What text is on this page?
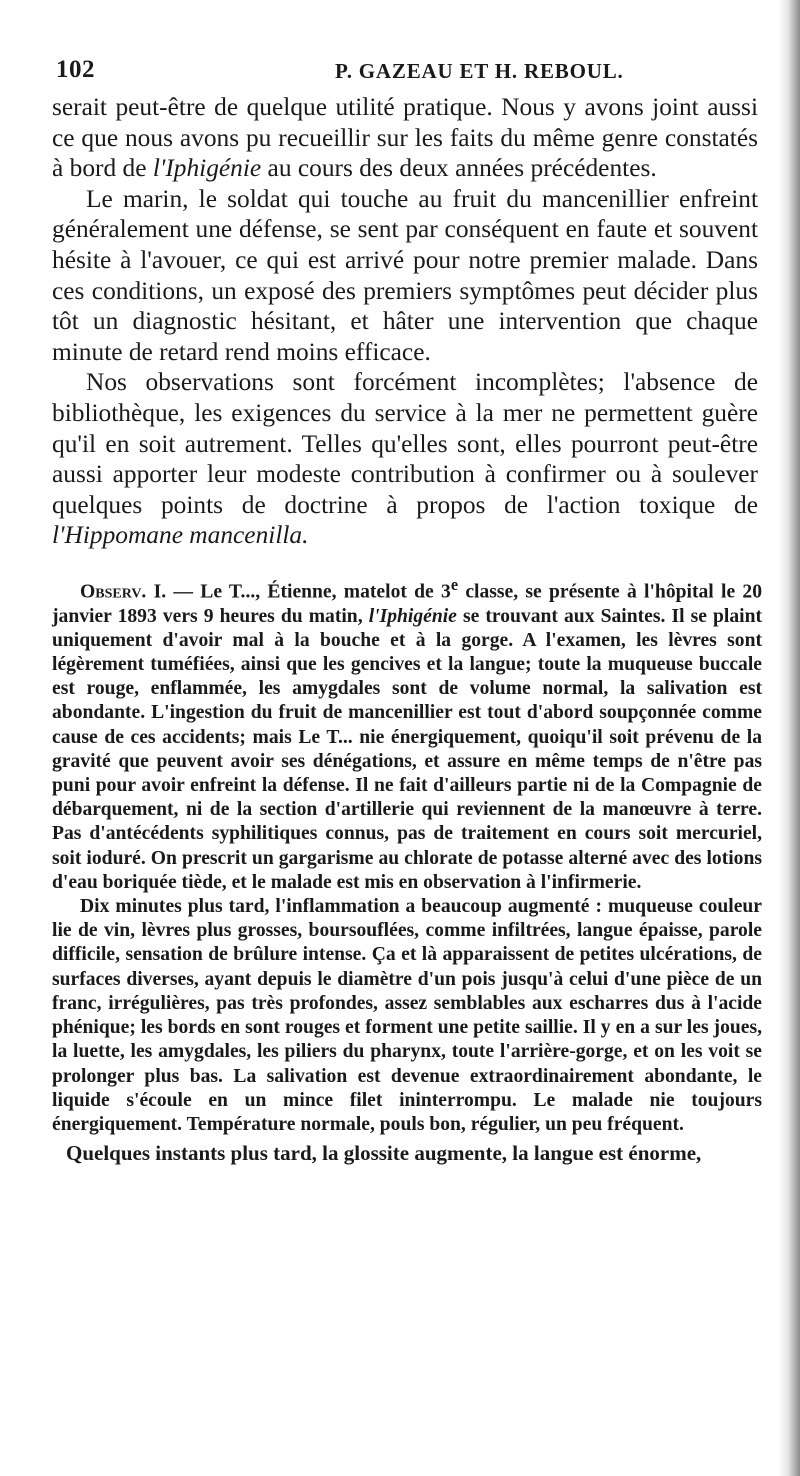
102	P. GAZEAU ET H. REBOUL.

serait peut-être de quelque utilité pratique. Nous y avons joint aussi ce que nous avons pu recueillir sur les faits du même genre constatés à bord de l'Iphigénie au cours des deux années précédentes.

Le marin, le soldat qui touche au fruit du mancenillier enfreint généralement une défense, se sent par conséquent en faute et souvent hésite à l'avouer, ce qui est arrivé pour notre premier malade. Dans ces conditions, un exposé des premiers symptômes peut décider plus tôt un diagnostic hésitant, et hâter une intervention que chaque minute de retard rend moins efficace.

Nos observations sont forcément incomplètes; l'absence de bibliothèque, les exigences du service à la mer ne permettent guère qu'il en soit autrement. Telles qu'elles sont, elles pourront peut-être aussi apporter leur modeste contribution à confirmer ou à soulever quelques points de doctrine à propos de l'action toxique de l'Hippomane mancenilla.

Observ. I. — Le T..., Étienne, matelot de 3e classe, se présente à l'hôpital le 20 janvier 1893 vers 9 heures du matin, l'Iphigénie se trouvant aux Saintes. Il se plaint uniquement d'avoir mal à la bouche et à la gorge. A l'examen, les lèvres sont légèrement tuméfiées, ainsi que les gencives et la langue; toute la muqueuse buccale est rouge, enflammée, les amygdales sont de volume normal, la salivation est abondante. L'ingestion du fruit de mancenillier est tout d'abord soupçonnée comme cause de ces accidents; mais Le T... nie énergiquement, quoiqu'il soit prévenu de la gravité que peuvent avoir ses dénégations, et assure en même temps de n'être pas puni pour avoir enfreint la défense. Il ne fait d'ailleurs partie ni de la Compagnie de débarquement, ni de la section d'artillerie qui reviennent de la manœuvre à terre. Pas d'antécédents syphilitiques connus, pas de traitement en cours soit mercuriel, soit ioduré. On prescrit un gargarisme au chlorate de potasse alterné avec des lotions d'eau boriquée tiède, et le malade est mis en observation à l'infirmerie.

Dix minutes plus tard, l'inflammation a beaucoup augmenté : muqueuse couleur lie de vin, lèvres plus grosses, boursouflées, comme infiltrées, langue épaisse, parole difficile, sensation de brûlure intense. Ça et là apparaissent de petites ulcérations, de surfaces diverses, ayant depuis le diamètre d'un pois jusqu'à celui d'une pièce de un franc, irrégulières, pas très profondes, assez semblables aux escharres dus à l'acide phénique; les bords en sont rouges et forment une petite saillie. Il y en a sur les joues, la luette, les amygdales, les piliers du pharynx, toute l'arrière-gorge, et on les voit se prolonger plus bas. La salivation est devenue extraordinairement abondante, le liquide s'écoule en un mince filet ininterrompu. Le malade nie toujours énergiquement. Température normale, pouls bon, régulier, un peu fréquent.

Quelques instants plus tard, la glossite augmente, la langue est énorme,
